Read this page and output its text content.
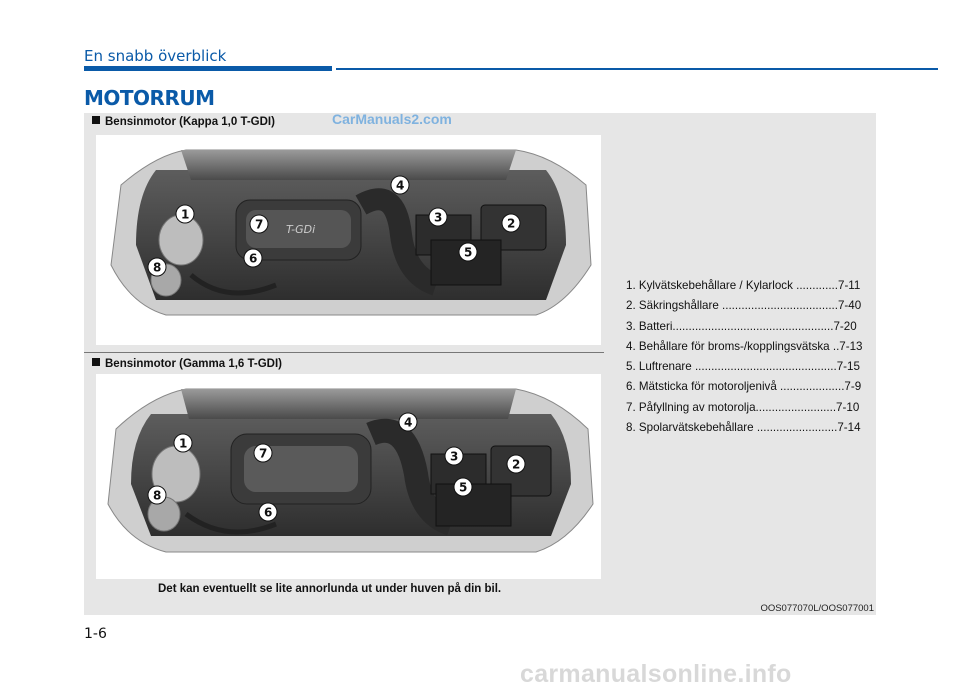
En snabb överblick
MOTORRUM
CarManuals2.com
Bensinmotor (Kappa 1,0 T-GDI)
T-GDi
1
2
3
4
5
6
7
8
Bensinmotor (Gamma 1,6 T-GDI)
1
2
3
4
5
6
7
8
1. Kylvätskebehållare / Kylarlock .............7-11
2. Säkringshållare ....................................7-40
3. Batteri..................................................7-20
4. Behållare för broms-/kopplingsvätska ..7-13
5. Luftrenare ............................................7-15
6. Mätsticka för motoroljenivå ....................7-9
7. Påfyllning av motorolja.........................7-10
8. Spolarvätskebehållare .........................7-14
Det kan eventuellt se lite annorlunda ut under huven på din bil.
OOS077070L/OOS077001
1-6
carmanualsonline.info
